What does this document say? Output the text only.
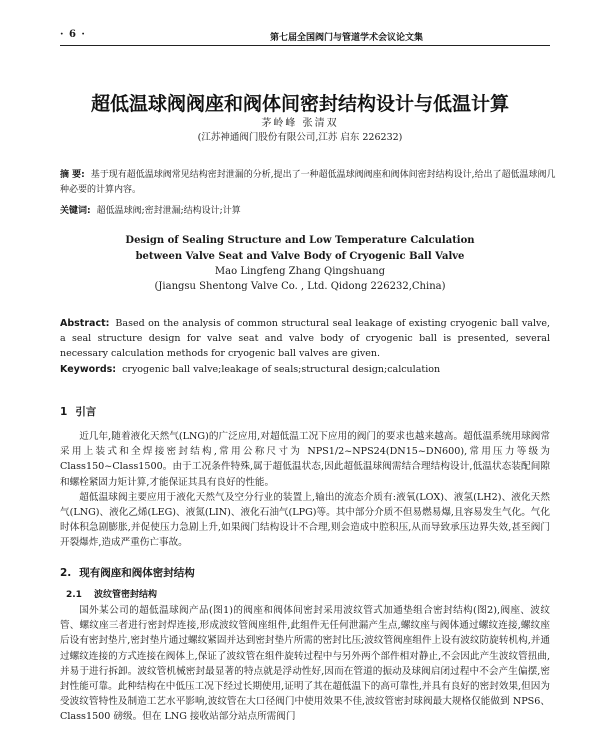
· 6 ·	第七届全国阀门与管道学术会议论文集
超低温球阀阀座和阀体间密封结构设计与低温计算
茅岭峰 张清双
(江苏神通阀门股份有限公司,江苏 启东 226232)
摘 要: 基于现有超低温球阀常见结构密封泄漏的分析,提出了一种超低温球阀阀座和阀体间密封结构设计,给出了超低温球阀几种必要的计算内容。
关键词: 超低温球阀;密封泄漏;结构设计;计算
Design of Sealing Structure and Low Temperature Calculation
between Valve Seat and Valve Body of Cryogenic Ball Valve
Mao Lingfeng Zhang Qingshuang
(Jiangsu Shentong Valve Co. , Ltd. Qidong 226232,China)
Abstract: Based on the analysis of common structural seal leakage of existing cryogenic ball valve, a seal structure design for valve seat and valve body of cryogenic ball is presented, several necessary calculation methods for cryogenic ball valves are given.
Keywords: cryogenic ball valve;leakage of seals;structural design;calculation
1 引言

近几年,随着液化天然气(LNG)的广泛应用,对超低温工况下应用的阀门的要求也越来越高。超低温系统用球阀常采用上装式和全焊接密封结构,常用公称尺寸为 NPS1/2~NPS24(DN15~DN600),常用压力等级为 Class150~Class1500。由于工况条件特殊,属于超低温状态,因此超低温球阀需结合理结构设计,低温状态装配间隙和螺栓紧固力矩计算,才能保证其具有良好的性能。

超低温球阀主要应用于液化天然气及空分行业的装置上,输出的流态介质有:液氧(LOX)、液氢(LH2)、液化天然气(LNG)、液化乙烯(LEG)、液氮(LIN)、液化石油气(LPG)等。其中部分介质不但易燃易爆,且容易发生气化。气化时体积急剧膨胀,并促使压力急剧上升,如果阀门结构设计不合理,则会造成中腔积压,从而导致承压边界失效,甚至阀门开裂爆炸,造成严重伤亡事故。

2. 现有阀座和阀体密封结构
2.1 波纹管密封结构

国外某公司的超低温球阀产品(图1)的阀座和阀体间密封采用波纹管式加通垫组合密封结构(图2),阀座、波纹管、螺纹座三者进行密封焊连接,形成波纹管阀座组件,此组件无任何泄漏产生点,螺纹座与阀体通过螺纹连接,螺纹座后设有密封垫片,密封垫片通过螺纹紧固并达到密封垫片所需的密封比压;波纹管阀座组件上设有波纹防旋转机构,并通过螺纹连接的方式连接在阀体上,保证了波纹管在组件旋转过程中与另外两个部件相对静止,不会因此产生波纹管扭曲,并易于进行拆卸。波纹管机械密封最显著的特点就是浮动性好,因而在管道的振动及球阀启闭过程中不会产生偏摆,密封性能可靠。此种结构在中低压工况下经过长期使用,证明了其在超低温下的高可靠性,并具有良好的密封效果,但因为受波纹管特性及制造工艺水平影响,波纹管在大口径阀门中使用效果不佳,波纹管密封球阀最大规格仅能做到 NPS6、Class1500 磅级。但在 LNG 接收站部分站点所需阀门
